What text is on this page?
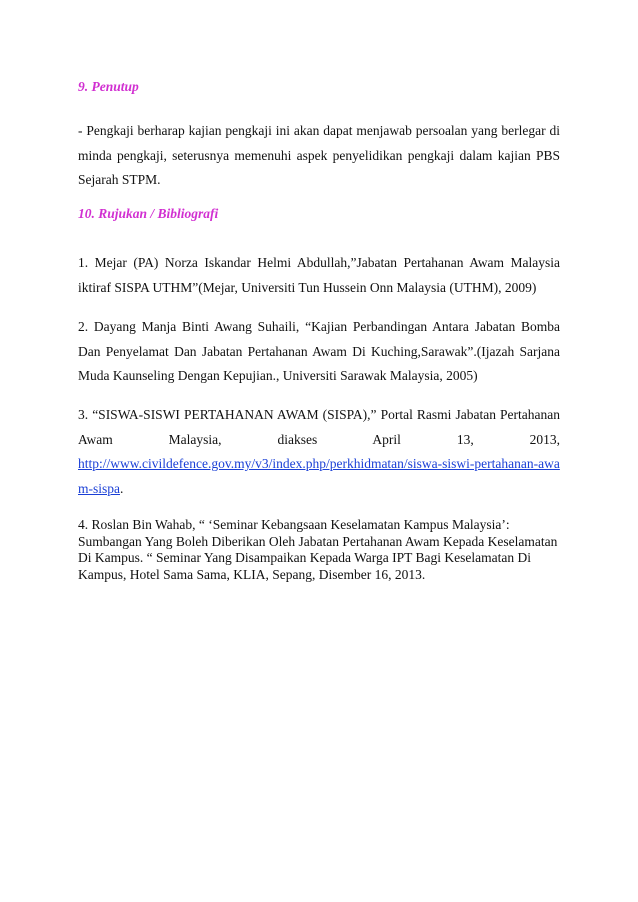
9. Penutup

- Pengkaji berharap kajian pengkaji ini akan dapat menjawab persoalan yang berlegar di minda pengkaji, seterusnya memenuhi aspek penyelidikan pengkaji dalam kajian PBS Sejarah STPM.

10. Rujukan / Bibliografi

1. Mejar (PA) Norza Iskandar Helmi Abdullah,”Jabatan Pertahanan Awam Malaysia iktiraf SISPA UTHM”(Mejar, Universiti Tun Hussein Onn Malaysia (UTHM), 2009)

2. Dayang Manja Binti Awang Suhaili, “Kajian Perbandingan Antara Jabatan Bomba Dan Penyelamat Dan Jabatan Pertahanan Awam Di Kuching,Sarawak”.(Ijazah Sarjana Muda Kaunseling Dengan Kepujian., Universiti Sarawak Malaysia, 2005)

3. “SISWA-SISWI PERTAHANAN AWAM (SISPA),” Portal Rasmi Jabatan Pertahanan
Awam Malaysia, diakses April 13, 2013,
http://www.civildefence.gov.my/v3/index.php/perkhidmatan/siswa-siswi-pertahanan-awam-sispa.

4. Roslan Bin Wahab, “ ‘Seminar Kebangsaan Keselamatan Kampus Malaysia’: Sumbangan Yang Boleh Diberikan Oleh Jabatan Pertahanan Awam Kepada Keselamatan Di Kampus. “ Seminar Yang Disampaikan Kepada Warga IPT Bagi Keselamatan Di Kampus, Hotel Sama Sama, KLIA, Sepang, Disember 16, 2013.
